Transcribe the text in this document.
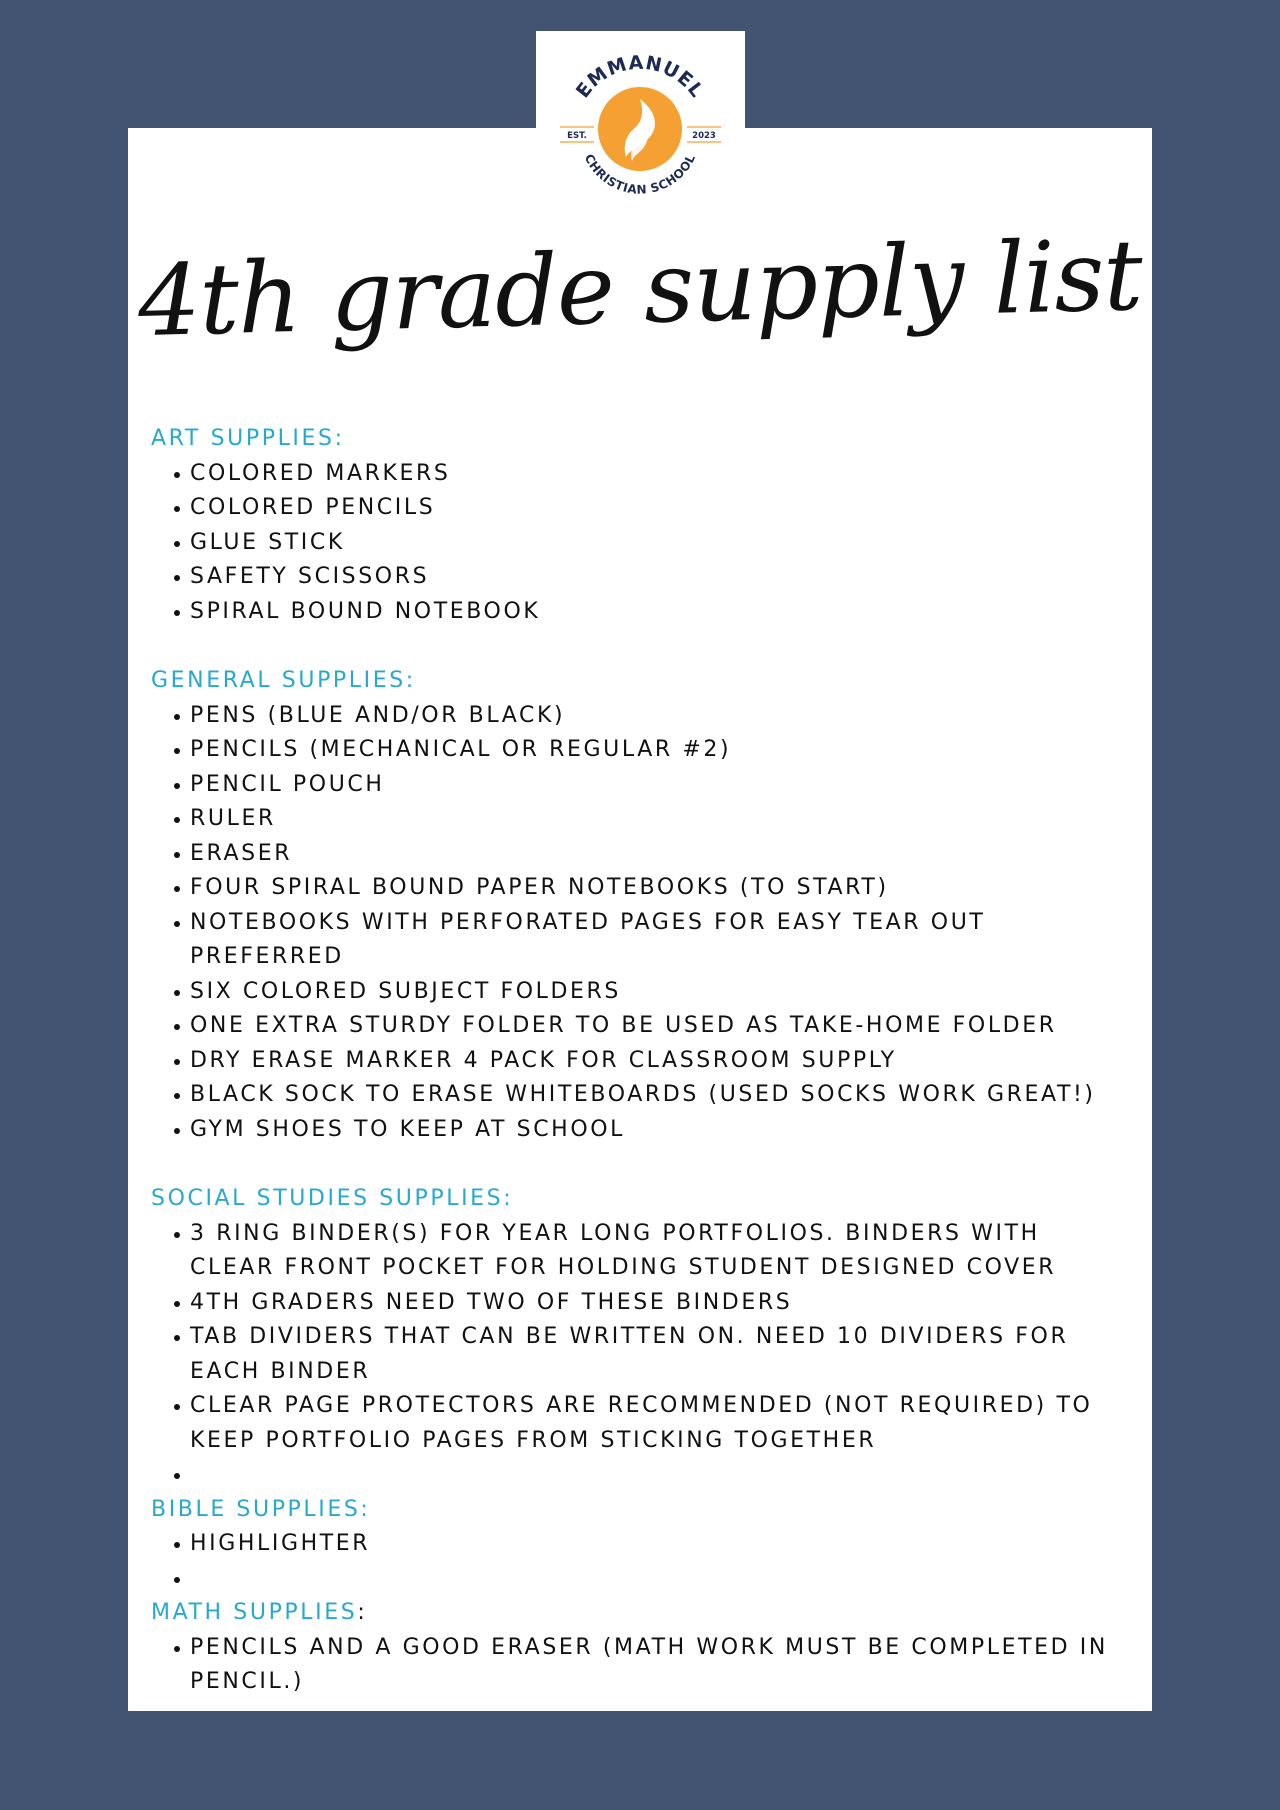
EMMANUEL
CHRISTIAN SCHOOL
EST.	2023
4th grade supply list
ART SUPPLIES:
COLORED MARKERS
COLORED PENCILS
GLUE STICK
SAFETY SCISSORS
SPIRAL BOUND NOTEBOOK
GENERAL SUPPLIES:
PENS (BLUE AND/OR BLACK)
PENCILS (MECHANICAL OR REGULAR #2)
PENCIL POUCH
RULER
ERASER
FOUR SPIRAL BOUND PAPER NOTEBOOKS (TO START)
NOTEBOOKS WITH PERFORATED PAGES FOR EASY TEAR OUT PREFERRED
SIX COLORED SUBJECT FOLDERS
ONE EXTRA STURDY FOLDER TO BE USED AS TAKE-HOME FOLDER
DRY ERASE MARKER 4 PACK FOR CLASSROOM SUPPLY
BLACK SOCK TO ERASE WHITEBOARDS (USED SOCKS WORK GREAT!)
GYM SHOES TO KEEP AT SCHOOL
SOCIAL STUDIES SUPPLIES:
3 RING BINDER(S) FOR YEAR LONG PORTFOLIOS. BINDERS WITH CLEAR FRONT POCKET FOR HOLDING STUDENT DESIGNED COVER
4TH GRADERS NEED TWO OF THESE BINDERS
TAB DIVIDERS THAT CAN BE WRITTEN ON. NEED 10 DIVIDERS FOR EACH BINDER
CLEAR PAGE PROTECTORS ARE RECOMMENDED (NOT REQUIRED) TO KEEP PORTFOLIO PAGES FROM STICKING TOGETHER

BIBLE SUPPLIES:
HIGHLIGHTER

MATH SUPPLIES:
PENCILS AND A GOOD ERASER (MATH WORK MUST BE COMPLETED IN PENCIL.)
